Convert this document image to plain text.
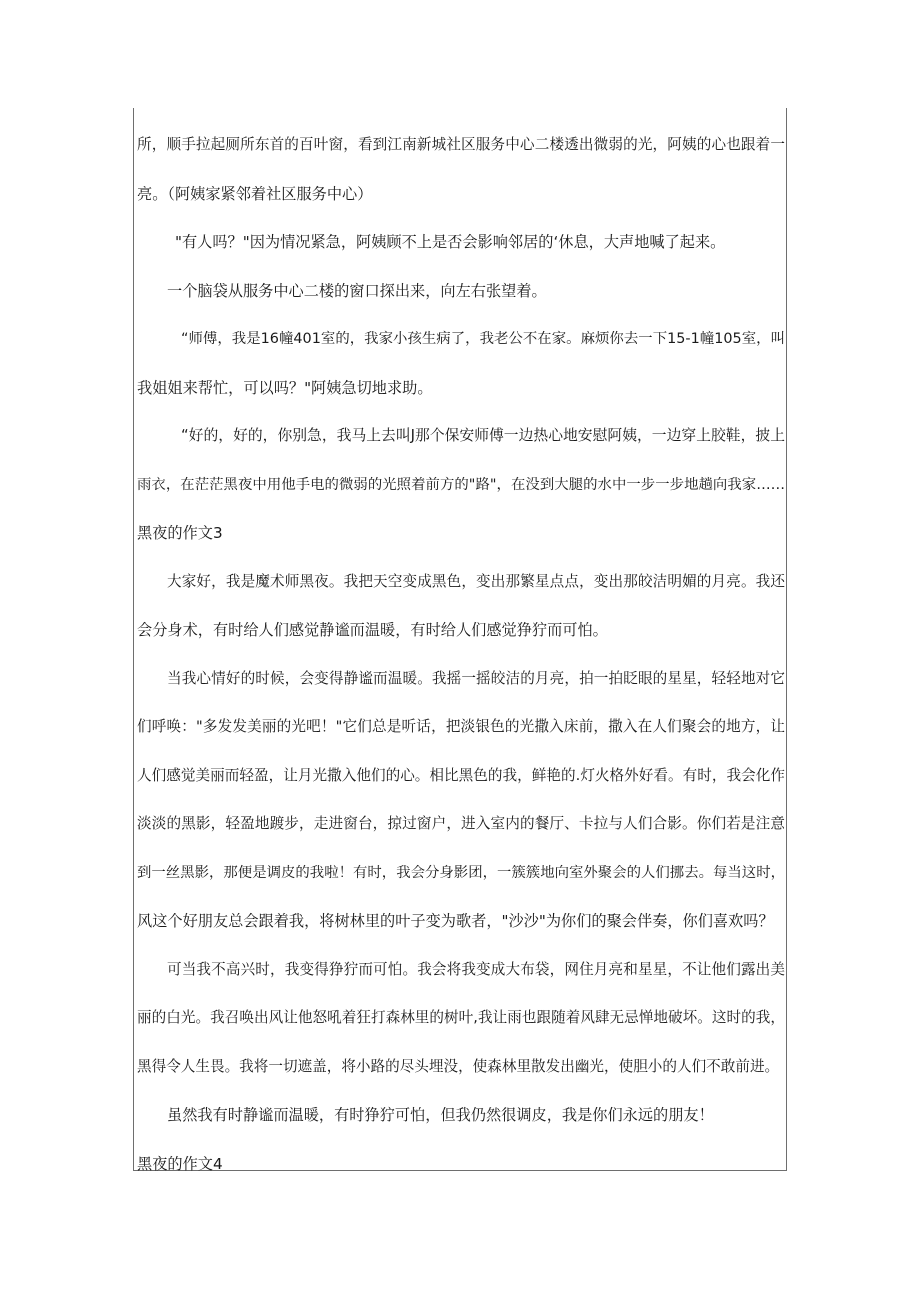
所，顺手拉起厕所东首的百叶窗，看到江南新城社区服务中心二楼透出微弱的光，阿姨的心也跟着一
亮。（阿姨家紧邻着社区服务中心）
"有人吗？"因为情况紧急，阿姨顾不上是否会影响邻居的‘休息，大声地喊了起来。
一个脑袋从服务中心二楼的窗口探出来，向左右张望着。
“师傅，我是16幢401室的，我家小孩生病了，我老公不在家。麻烦你去一下15-1幢105室，叫
我姐姐来帮忙，可以吗？"阿姨急切地求助。
“好的，好的，你别急，我马上去叫J那个保安师傅一边热心地安慰阿姨，一边穿上胶鞋，披上
雨衣，在茫茫黑夜中用他手电的微弱的光照着前方的"路"，在没到大腿的水中一步一步地趟向我家……
黑夜的作文3
大家好，我是魔术师黑夜。我把天空变成黑色，变出那繁星点点，变出那皎洁明媚的月亮。我还
会分身术，有时给人们感觉静谧而温暖，有时给人们感觉狰狞而可怕。
当我心情好的时候，会变得静谧而温暖。我摇一摇皎洁的月亮，拍一拍眨眼的星星，轻轻地对它
们呼唤："多发发美丽的光吧！"它们总是听话，把淡银色的光撒入床前，撒入在人们聚会的地方，让
人们感觉美丽而轻盈，让月光撒入他们的心。相比黑色的我，鲜艳的.灯火格外好看。有时，我会化作
淡淡的黑影，轻盈地踱步，走进窗台，掠过窗户，进入室内的餐厅、卡拉与人们合影。你们若是注意
到一丝黑影，那便是调皮的我啦！有时，我会分身影团，一簇簇地向室外聚会的人们挪去。每当这时，
风这个好朋友总会跟着我，将树林里的叶子变为歌者，"沙沙"为你们的聚会伴奏，你们喜欢吗？
可当我不高兴时，我变得狰狞而可怕。我会将我变成大布袋，网住月亮和星星，不让他们露出美
丽的白光。我召唤出风让他怒吼着狂打森林里的树叶,我让雨也跟随着风肆无忌惮地破坏。这时的我，
黑得令人生畏。我将一切遮盖，将小路的尽头埋没，使森林里散发出幽光，使胆小的人们不敢前进。
虽然我有时静谧而温暖，有时狰狞可怕，但我仍然很调皮，我是你们永远的朋友！
黑夜的作文4
